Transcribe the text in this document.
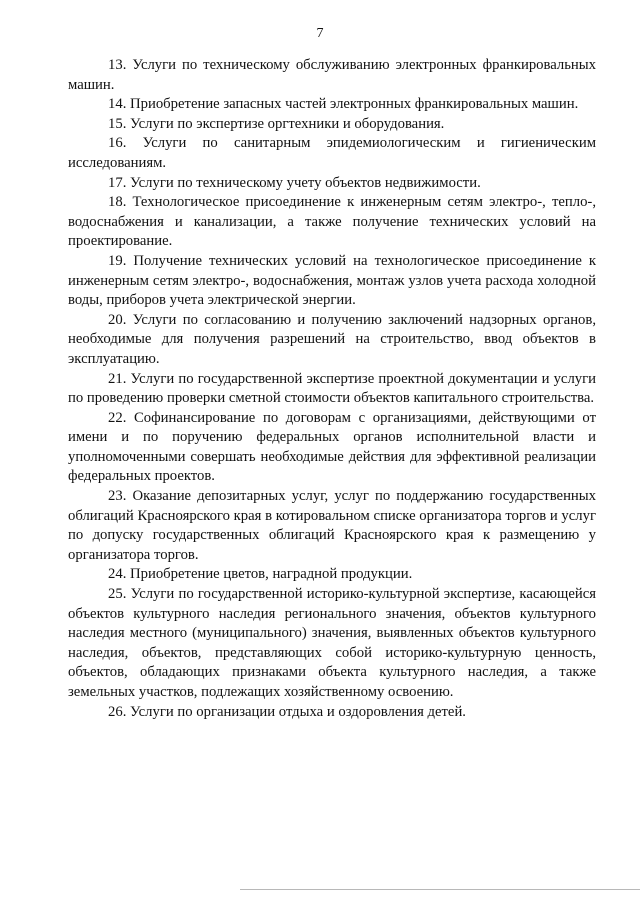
7

13. Услуги по техническому обслуживанию электронных франкировальных машин.

14. Приобретение запасных частей электронных франкировальных машин.

15. Услуги по экспертизе оргтехники и оборудования.

16. Услуги по санитарным эпидемиологическим и гигиеническим исследованиям.

17. Услуги по техническому учету объектов недвижимости.

18. Технологическое присоединение к инженерным сетям электро-, тепло-, водоснабжения и канализации, а также получение технических условий на проектирование.

19. Получение технических условий на технологическое присоединение к инженерным сетям электро-, водоснабжения, монтаж узлов учета расхода холодной воды, приборов учета электрической энергии.

20. Услуги по согласованию и получению заключений надзорных органов, необходимые для получения разрешений на строительство, ввод объектов в эксплуатацию.

21. Услуги по государственной экспертизе проектной документации и услуги по проведению проверки сметной стоимости объектов капитального строительства.

22. Софинансирование по договорам с организациями, действующими от имени и по поручению федеральных органов исполнительной власти и уполномоченными совершать необходимые действия для эффективной реализации федеральных проектов.

23. Оказание депозитарных услуг, услуг по поддержанию государственных облигаций Красноярского края в котировальном списке организатора торгов и услуг по допуску государственных облигаций Красноярского края к размещению у организатора торгов.

24. Приобретение цветов, наградной продукции.

25. Услуги по государственной историко-культурной экспертизе, касающейся объектов культурного наследия регионального значения, объектов культурного наследия местного (муниципального) значения, выявленных объектов культурного наследия, объектов, представляющих собой историко-культурную ценность, объектов, обладающих признаками объекта культурного наследия, а также земельных участков, подлежащих хозяйственному освоению.

26. Услуги по организации отдыха и оздоровления детей.
